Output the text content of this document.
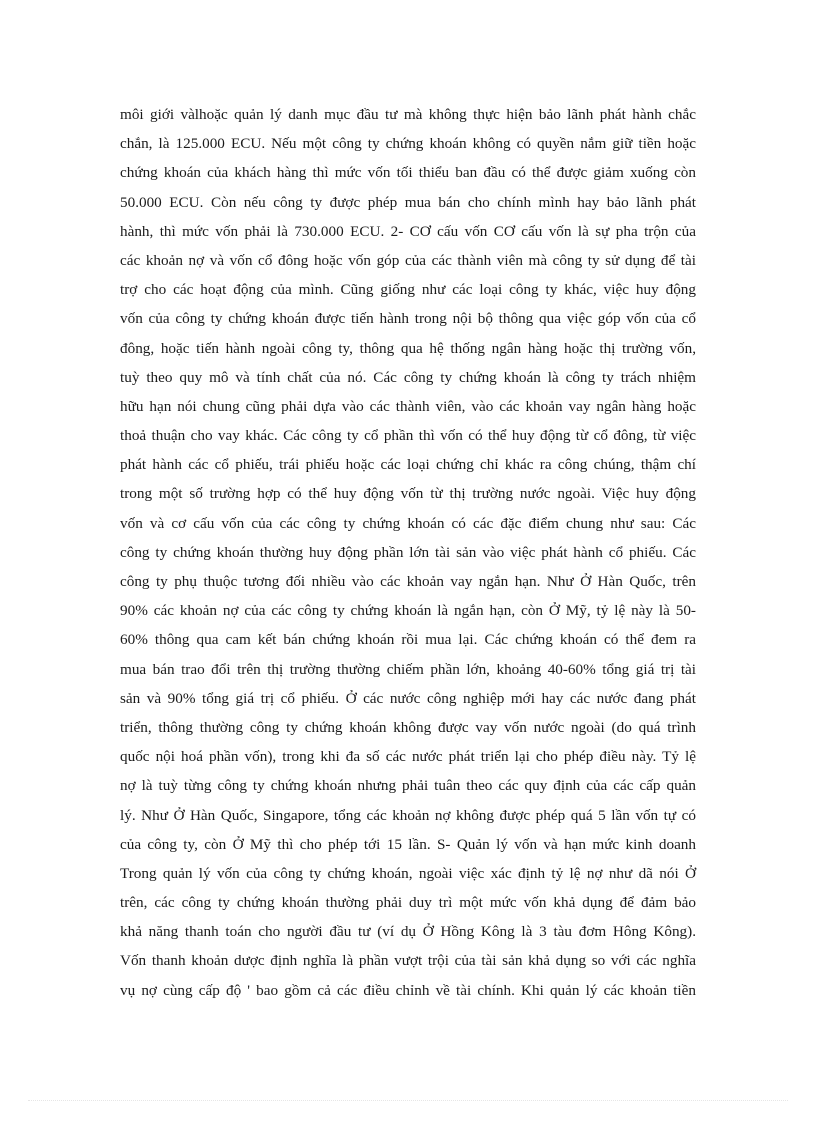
môi giới vàlhoặc quản lý danh mục đầu tư mà không thực hiện bảo lãnh phát hành chắc
chắn, là 125.000 ECU. Nếu một công ty chứng khoán không có quyền nắm giữ tiền hoặc
chứng khoán của khách hàng thì mức vốn tối thiểu ban đầu có thể được giảm xuống còn
50.000 ECU. Còn nếu công ty được phép mua bán cho chính mình hay bảo lãnh phát
hành, thì mức vốn phải là 730.000 ECU. 2- CƠ cấu vốn CƠ cấu vốn là sự pha trộn của
các khoản nợ và vốn cổ đông hoặc vốn góp của các thành viên mà công ty sử dụng để tài
trợ cho các hoạt động của mình. Cũng giống như các loại công ty khác, việc huy động
vốn của công ty chứng khoán được tiến hành trong nội bộ thông qua việc góp vốn của cổ
đông, hoặc tiến hành ngoài công ty, thông qua hệ thống ngân hàng hoặc thị trường vốn,
tuỳ theo quy mô và tính chất của nó. Các công ty chứng khoán là công ty trách nhiệm
hữu hạn nói chung cũng phải dựa vào các thành viên, vào các khoản vay ngân hàng hoặc
thoả thuận cho vay khác. Các công ty cổ phần thì vốn có thể huy động từ cổ đông, từ việc
phát hành các cổ phiếu, trái phiếu hoặc các loại chứng chỉ khác ra công chúng, thậm chí
trong một số trường hợp có thể huy động vốn từ thị trường nước ngoài. Việc huy động
vốn và cơ cấu vốn của các công ty chứng khoán có các đặc điểm chung như sau: Các
công ty chứng khoán thường huy động phần lớn tài sản vào việc phát hành cổ phiếu. Các
công ty phụ thuộc tương đối nhiều vào các khoản vay ngắn hạn. Như Ở Hàn Quốc, trên
90% các khoản nợ của các công ty chứng khoán là ngắn hạn, còn Ở Mỹ, tỷ lệ này là 50-
60% thông qua cam kết bán chứng khoán rồi mua lại. Các chứng khoán có thể đem ra
mua bán trao đổi trên thị trường thường chiếm phần lớn, khoảng 40-60% tổng giá trị tài
sản và 90% tổng giá trị cổ phiếu. Ở các nước công nghiệp mới hay các nước đang phát
triển, thông thường công ty chứng khoán không được vay vốn nước ngoài (do quá trình
quốc nội hoá phần vốn), trong khi đa số các nước phát triển lại cho phép điều này. Tỷ lệ
nợ là tuỳ từng công ty chứng khoán nhưng phải tuân theo các quy định của các cấp quản
lý. Như Ở Hàn Quốc, Singapore, tổng các khoản nợ không được phép quá 5 lần vốn tự có
của công ty, còn Ở Mỹ thì cho phép tới 15 lần. S- Quản lý vốn và hạn mức kinh doanh
Trong quản lý vốn của công ty chứng khoán, ngoài việc xác định tỷ lệ nợ như dã nói Ở
trên, các công ty chứng khoán thường phải duy trì một mức vốn khả dụng để đảm bảo
khả năng thanh toán cho người đầu tư (ví dụ Ở Hồng Kông là 3 tàu đơm Hông Kông).
Vốn thanh khoản dược định nghĩa là phần vượt trội của tài sản khả dụng so với các nghĩa
vụ nợ cùng cấp độ ' bao gồm cả các điều chỉnh về tài chính. Khi quản lý các khoản tiền
